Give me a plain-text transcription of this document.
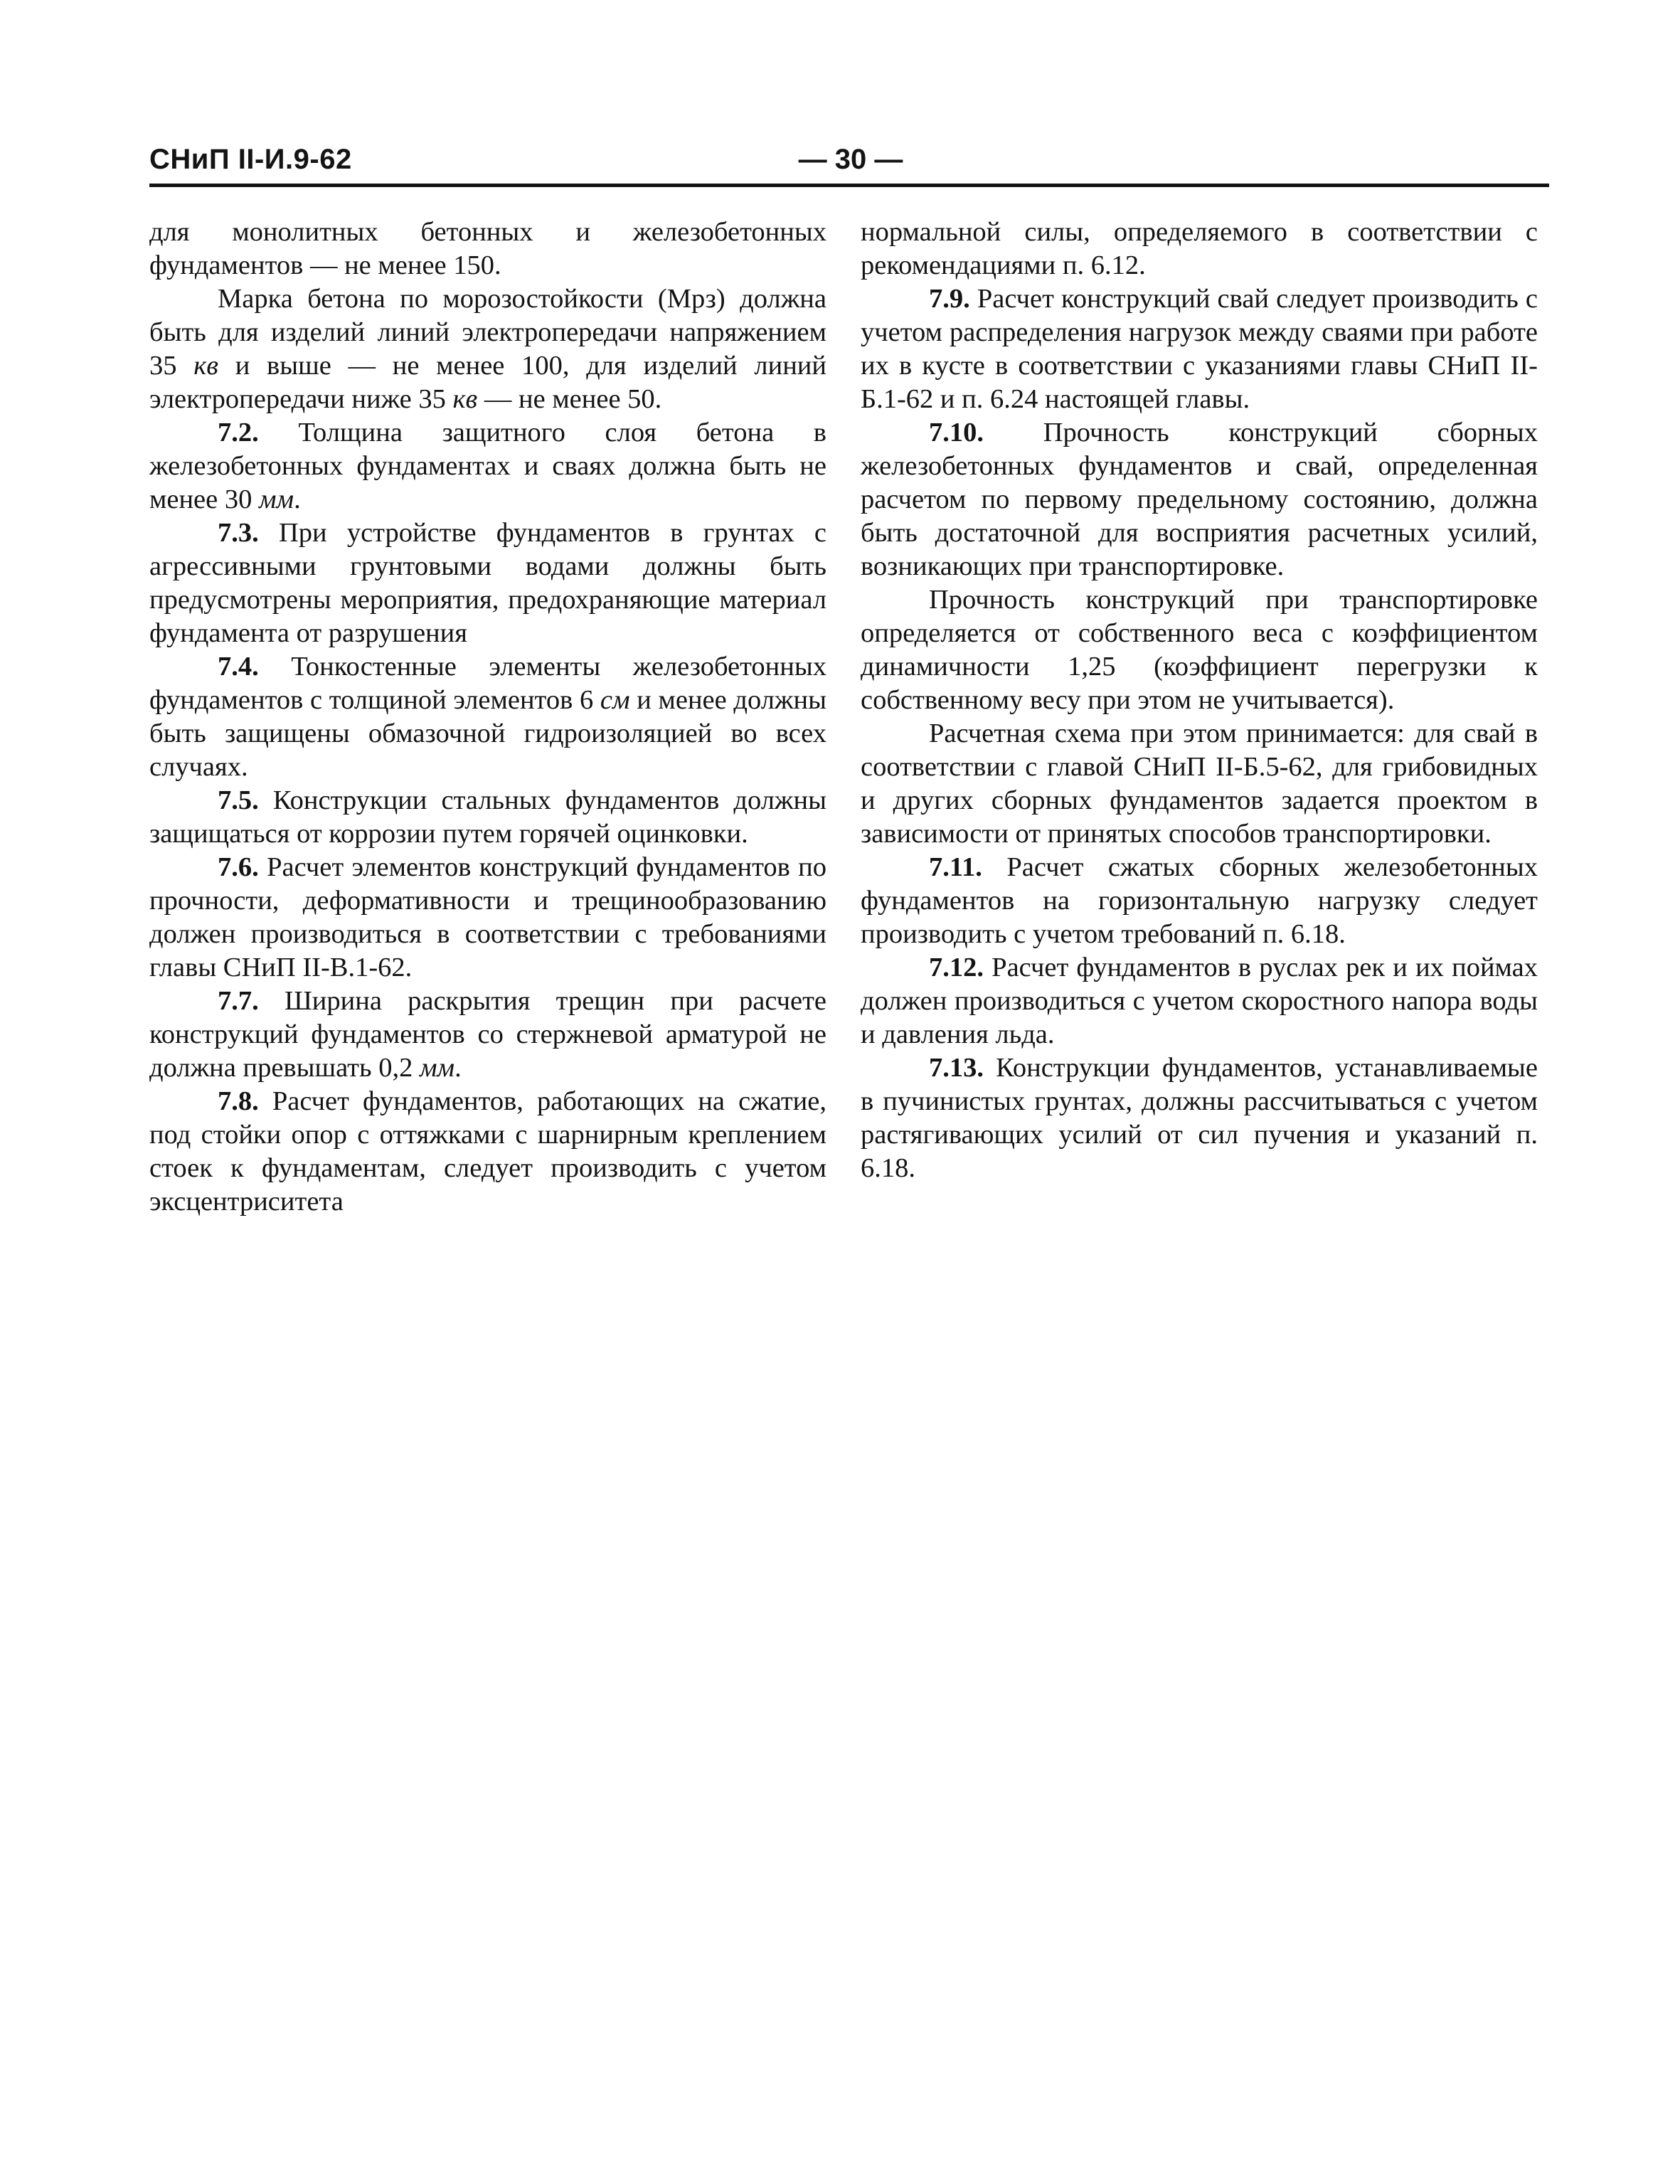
СНиП II-И.9-62	— 30 —

для монолитных бетонных и железобетонных фундаментов — не менее 150.

Марка бетона по морозостойкости (Мрз) должна быть для изделий линий электропередачи напряжением 35 кв и выше — не менее 100, для изделий линий электропередачи ниже 35 кв — не менее 50.

7.2. Толщина защитного слоя бетона в железобетонных фундаментах и сваях должна быть не менее 30 мм.

7.3. При устройстве фундаментов в грунтах с агрессивными грунтовыми водами должны быть предусмотрены мероприятия, предохраняющие материал фундамента от разрушения

7.4. Тонкостенные элементы железобетонных фундаментов с толщиной элементов 6 см и менее должны быть защищены обмазочной гидроизоляцией во всех случаях.

7.5. Конструкции стальных фундаментов должны защищаться от коррозии путем горячей оцинковки.

7.6. Расчет элементов конструкций фундаментов по прочности, деформативности и трещинообразованию должен производиться в соответствии с требованиями главы СНиП II-В.1-62.

7.7. Ширина раскрытия трещин при расчете конструкций фундаментов со стержневой арматурой не должна превышать 0,2 мм.

7.8. Расчет фундаментов, работающих на сжатие, под стойки опор с оттяжками с шарнирным креплением стоек к фундаментам, следует производить с учетом эксцентриситета

нормальной силы, определяемого в соответствии с рекомендациями п. 6.12.

7.9. Расчет конструкций свай следует производить с учетом распределения нагрузок между сваями при работе их в кусте в соответствии с указаниями главы СНиП II-Б.1-62 и п. 6.24 настоящей главы.

7.10. Прочность конструкций сборных железобетонных фундаментов и свай, определенная расчетом по первому предельному состоянию, должна быть достаточной для восприятия расчетных усилий, возникающих при транспортировке.

Прочность конструкций при транспортировке определяется от собственного веса с коэффициентом динамичности 1,25 (коэффициент перегрузки к собственному весу при этом не учитывается).

Расчетная схема при этом принимается: для свай в соответствии с главой СНиП II-Б.5-62, для грибовидных и других сборных фундаментов задается проектом в зависимости от принятых способов транспортировки.

7.11. Расчет сжатых сборных железобетонных фундаментов на горизонтальную нагрузку следует производить с учетом требований п. 6.18.

7.12. Расчет фундаментов в руслах рек и их поймах должен производиться с учетом скоростного напора воды и давления льда.

7.13. Конструкции фундаментов, устанавливаемые в пучинистых грунтах, должны рассчитываться с учетом растягивающих усилий от сил пучения и указаний п. 6.18.
